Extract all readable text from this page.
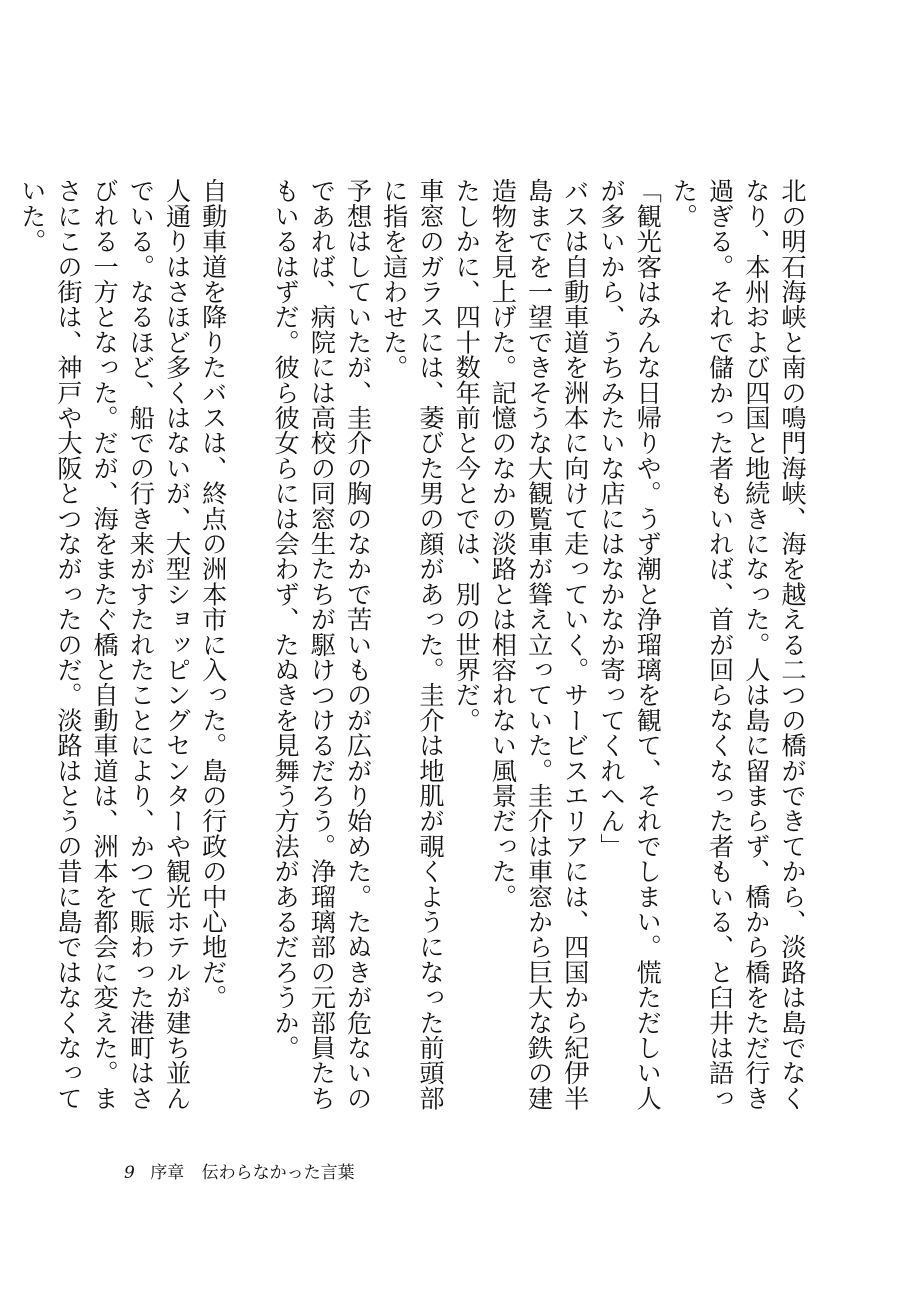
北の明石海峡と南の鳴門海峡、海を越える二つの橋ができてから、淡路は島でなくなり、本州および四国と地続きになった。人は島に留まらず、橋から橋をただ行き過ぎる。それで儲かった者もいれば、首が回らなくなった者もいる、と臼井は語った。

「観光客はみんな日帰りや。うず潮と浄瑠璃を観て、それでしまい。慌ただしい人が多いから、うちみたいな店にはなかなか寄ってくれへん」

バスは自動車道を洲本に向けて走っていく。サービスエリアには、四国から紀伊半島までを一望できそうな大観覧車が聳え立っていた。圭介は車窓から巨大な鉄の建造物を見上げた。記憶のなかの淡路とは相容れない風景だった。

たしかに、四十数年前と今とでは、別の世界だ。

車窓のガラスには、萎びた男の顔があった。圭介は地肌が覗くようになった前頭部に指を這わせた。

予想はしていたが、圭介の胸のなかで苦いものが広がり始めた。たぬきが危ないのであれば、病院には高校の同窓生たちが駆けつけるだろう。浄瑠璃部の元部員たちもいるはずだ。彼ら彼女らには会わず、たぬきを見舞う方法があるだろうか。

自動車道を降りたバスは、終点の洲本市に入った。島の行政の中心地だ。

人通りはさほど多くはないが、大型ショッピングセンターや観光ホテルが建ち並んでいる。なるほど、船での行き来がすたれたことにより、かつて賑わった港町はさびれる一方となった。だが、海をまたぐ橋と自動車道は、洲本を都会に変えた。まさにこの街は、神戸や大阪とつながったのだ。淡路はとうの昔に島ではなくなっていた。

9 序章 伝わらなかった言葉
